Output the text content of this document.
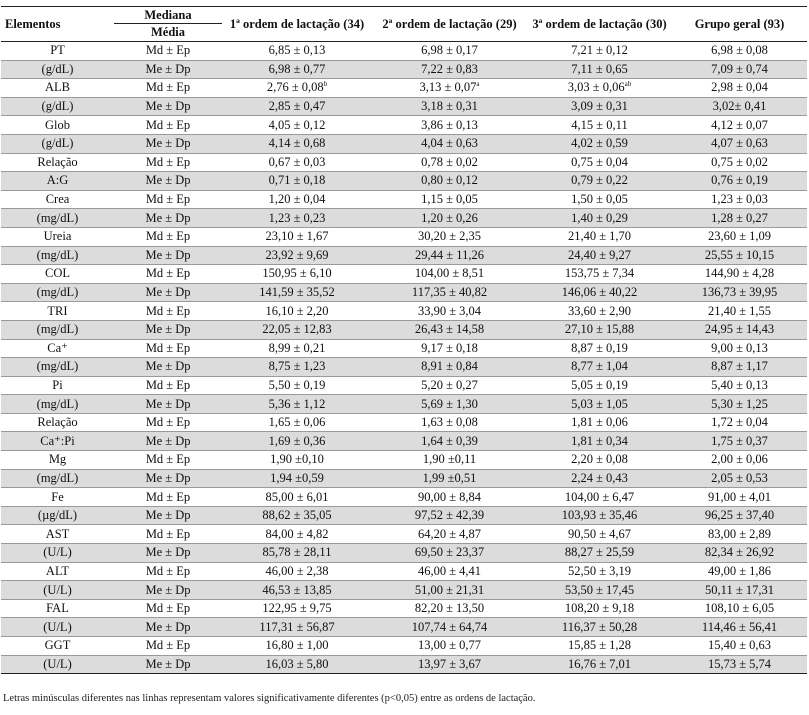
Elementos	Mediana	1ª ordem de lactação (34)	2ª ordem de lactação (29)	3ª ordem de lactação (30)	Grupo geral (93)
	Média				
PT	Md ± Ep	6,85 ± 0,13	6,98 ± 0,17	7,21 ± 0,12	6,98 ± 0,08
(g/dL)	Me ± Dp	6,98 ± 0,77	7,22 ± 0,83	7,11 ± 0,65	7,09 ± 0,74
ALB	Md ± Ep	2,76 ± 0,08$^b$	3,13 ± 0,07$^a$	3,03 ± 0,06$^{ab}$	2,98 ± 0,04
(g/dL)	Me ± Dp	2,85 ± 0,47	3,18 ± 0,31	3,09 ± 0,31	3,02± 0,41
Glob	Md ± Ep	4,05 ± 0,12	3,86 ± 0,13	4,15 ± 0,11	4,12 ± 0,07
(g/dL)	Me ± Dp	4,14 ± 0,68	4,04 ± 0,63	4,02 ± 0,59	4,07 ± 0,63
Relação	Md ± Ep	0,67 ± 0,03	0,78 ± 0,02	0,75 ± 0,04	0,75 ± 0,02
A:G	Me ± Dp	0,71 ± 0,18	0,80 ± 0,12	0,79 ± 0,22	0,76 ± 0,19
Crea	Md ± Ep	1,20 ± 0,04	1,15 ± 0,05	1,50 ± 0,05	1,23 ± 0,03
(mg/dL)	Me ± Dp	1,23 ± 0,23	1,20 ± 0,26	1,40 ± 0,29	1,28 ± 0,27
Ureia	Md ± Ep	23,10 ± 1,67	30,20 ± 2,35	21,40 ± 1,70	23,60 ± 1,09
(mg/dL)	Me ± Dp	23,92 ± 9,69	29,44 ± 11,26	24,40 ± 9,27	25,55 ± 10,15
COL	Md ± Ep	150,95 ± 6,10	104,00 ± 8,51	153,75 ± 7,34	144,90 ± 4,28
(mg/dL)	Me ± Dp	141,59 ± 35,52	117,35 ± 40,82	146,06 ± 40,22	136,73 ± 39,95
TRI	Md ± Ep	16,10 ± 2,20	33,90 ± 3,04	33,60 ± 2,90	21,40 ± 1,55
(mg/dL)	Me ± Dp	22,05 ± 12,83	26,43 ± 14,58	27,10 ± 15,88	24,95 ± 14,43
Ca⁺	Md ± Ep	8,99 ± 0,21	9,17 ± 0,18	8,87 ± 0,19	9,00 ± 0,13
(mg/dL)	Me ± Dp	8,75 ± 1,23	8,91 ± 0,84	8,77 ± 1,04	8,87 ± 1,17
Pi	Md ± Ep	5,50 ± 0,19	5,20 ± 0,27	5,05 ± 0,19	5,40 ± 0,13
(mg/dL)	Me ± Dp	5,36 ± 1,12	5,69 ± 1,30	5,03 ± 1,05	5,30 ± 1,25
Relação	Md ± Ep	1,65 ± 0,06	1,63 ± 0,08	1,81 ± 0,06	1,72 ± 0,04
Ca⁺:Pi	Me ± Dp	1,69 ± 0,36	1,64 ± 0,39	1,81 ± 0,34	1,75 ± 0,37
Mg	Md ± Ep	1,90 ±0,10	1,90 ±0,11	2,20 ± 0,08	2,00 ± 0,06
(mg/dL)	Me ± Dp	1,94 ±0,59	1,99 ±0,51	2,24 ± 0,43	2,05 ± 0,53
Fe	Md ± Ep	85,00 ± 6,01	90,00 ± 8,84	104,00 ± 6,47	91,00 ± 4,01
(µg/dL)	Me ± Dp	88,62 ± 35,05	97,52 ± 42,39	103,93 ± 35,46	96,25 ± 37,40
AST	Md ± Ep	84,00 ± 4,82	64,20 ± 4,87	90,50 ± 4,67	83,00 ± 2,89
(U/L)	Me ± Dp	85,78 ± 28,11	69,50 ± 23,37	88,27 ± 25,59	82,34 ± 26,92
ALT	Md ± Ep	46,00 ± 2,38	46,00 ± 4,41	52,50 ± 3,19	49,00 ± 1,86
(U/L)	Me ± Dp	46,53 ± 13,85	51,00 ± 21,31	53,50 ± 17,45	50,11 ± 17,31
FAL	Md ± Ep	122,95 ± 9,75	82,20 ± 13,50	108,20 ± 9,18	108,10 ± 6,05
(U/L)	Me ± Dp	117,31 ± 56,87	107,74 ± 64,74	116,37 ± 50,28	114,46 ± 56,41
GGT	Md ± Ep	16,80 ± 1,00	13,00 ± 0,77	15,85 ± 1,28	15,40 ± 0,63
(U/L)	Me ± Dp	16,03 ± 5,80	13,97 ± 3,67	16,76 ± 7,01	15,73 ± 5,74
Letras minúsculas diferentes nas linhas representam valores significativamente diferentes (p<0,05) entre as ordens de lactação.
